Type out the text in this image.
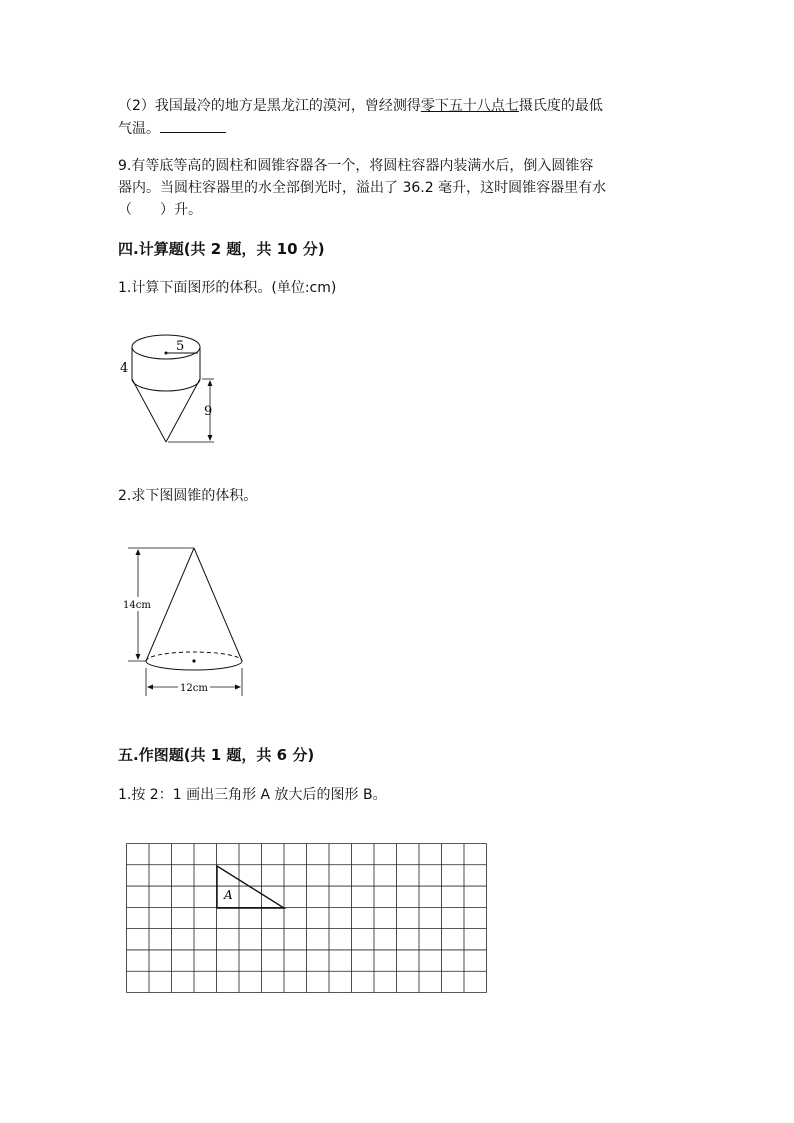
（2）我国最冷的地方是黑龙江的漠河，曾经测得零下五十八点七摄氏度的最低
气温。
9.有等底等高的圆柱和圆锥容器各一个，将圆柱容器内装满水后，倒入圆锥容
器内。当圆柱容器里的水全部倒光时，溢出了 36.2 毫升，这时圆锥容器里有水
（　　）升。
四.计算题(共 2 题，共 10 分)
1.计算下面图形的体积。(单位:cm)
5
4
9
2.求下图圆锥的体积。
14cm
12cm
五.作图题(共 1 题，共 6 分)
1.按 2：1 画出三角形 A 放大后的图形 B。
A
